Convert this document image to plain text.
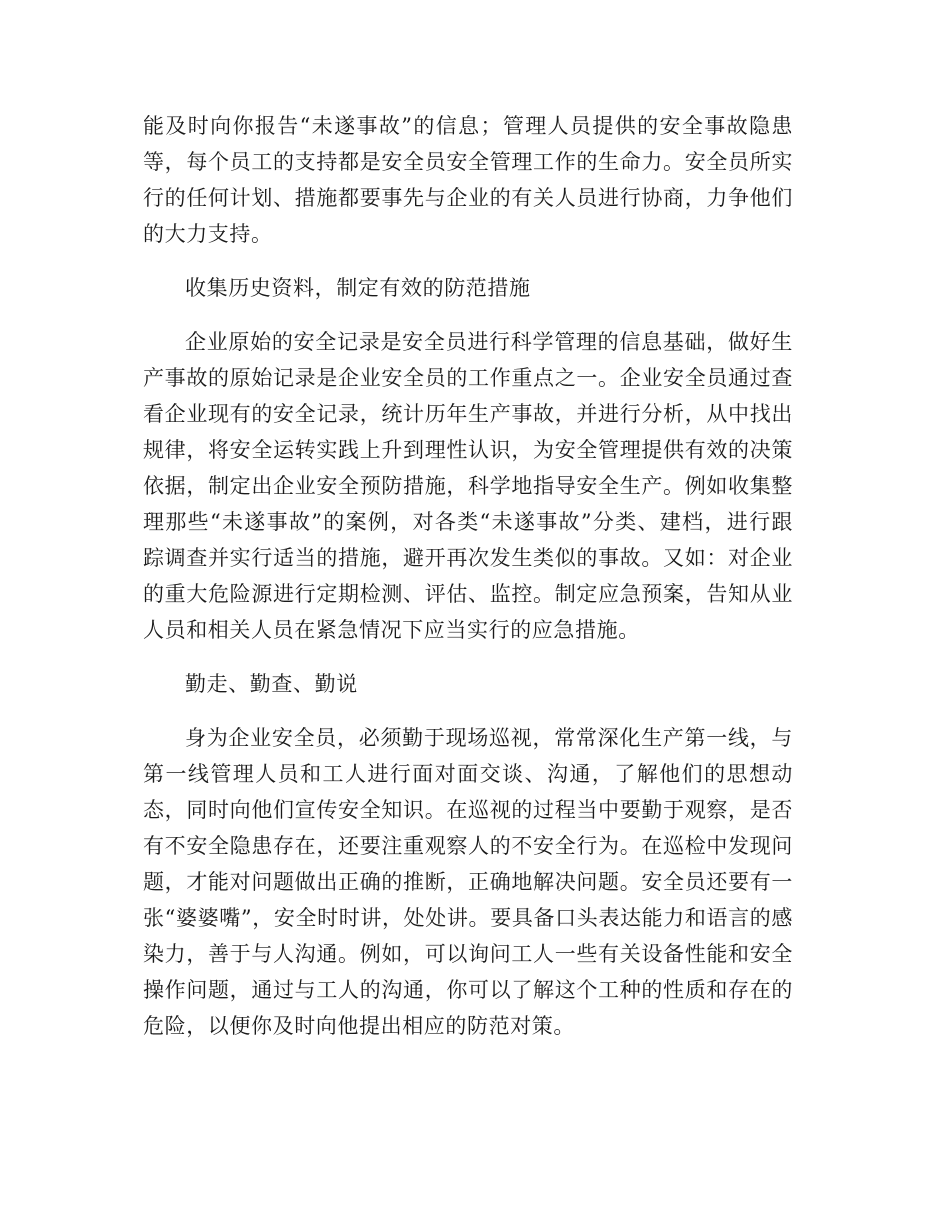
能及时向你报告“未遂事故”的信息；管理人员提供的安全事故隐患等，每个员工的支持都是安全员安全管理工作的生命力。安全员所实行的任何计划、措施都要事先与企业的有关人员进行协商，力争他们的大力支持。

收集历史资料，制定有效的防范措施

企业原始的安全记录是安全员进行科学管理的信息基础，做好生产事故的原始记录是企业安全员的工作重点之一。企业安全员通过查看企业现有的安全记录，统计历年生产事故，并进行分析，从中找出规律，将安全运转实践上升到理性认识，为安全管理提供有效的决策依据，制定出企业安全预防措施，科学地指导安全生产。例如收集整理那些“未遂事故”的案例，对各类“未遂事故”分类、建档，进行跟踪调查并实行适当的措施，避开再次发生类似的事故。又如：对企业的重大危险源进行定期检测、评估、监控。制定应急预案，告知从业人员和相关人员在紧急情况下应当实行的应急措施。

勤走、勤查、勤说

身为企业安全员，必须勤于现场巡视，常常深化生产第一线，与第一线管理人员和工人进行面对面交谈、沟通，了解他们的思想动态，同时向他们宣传安全知识。在巡视的过程当中要勤于观察，是否有不安全隐患存在，还要注重观察人的不安全行为。在巡检中发现问题，才能对问题做出正确的推断，正确地解决问题。安全员还要有一张“婆婆嘴”，安全时时讲，处处讲。要具备口头表达能力和语言的感染力，善于与人沟通。例如，可以询问工人一些有关设备性能和安全操作问题，通过与工人的沟通，你可以了解这个工种的性质和存在的危险，以便你及时向他提出相应的防范对策。
